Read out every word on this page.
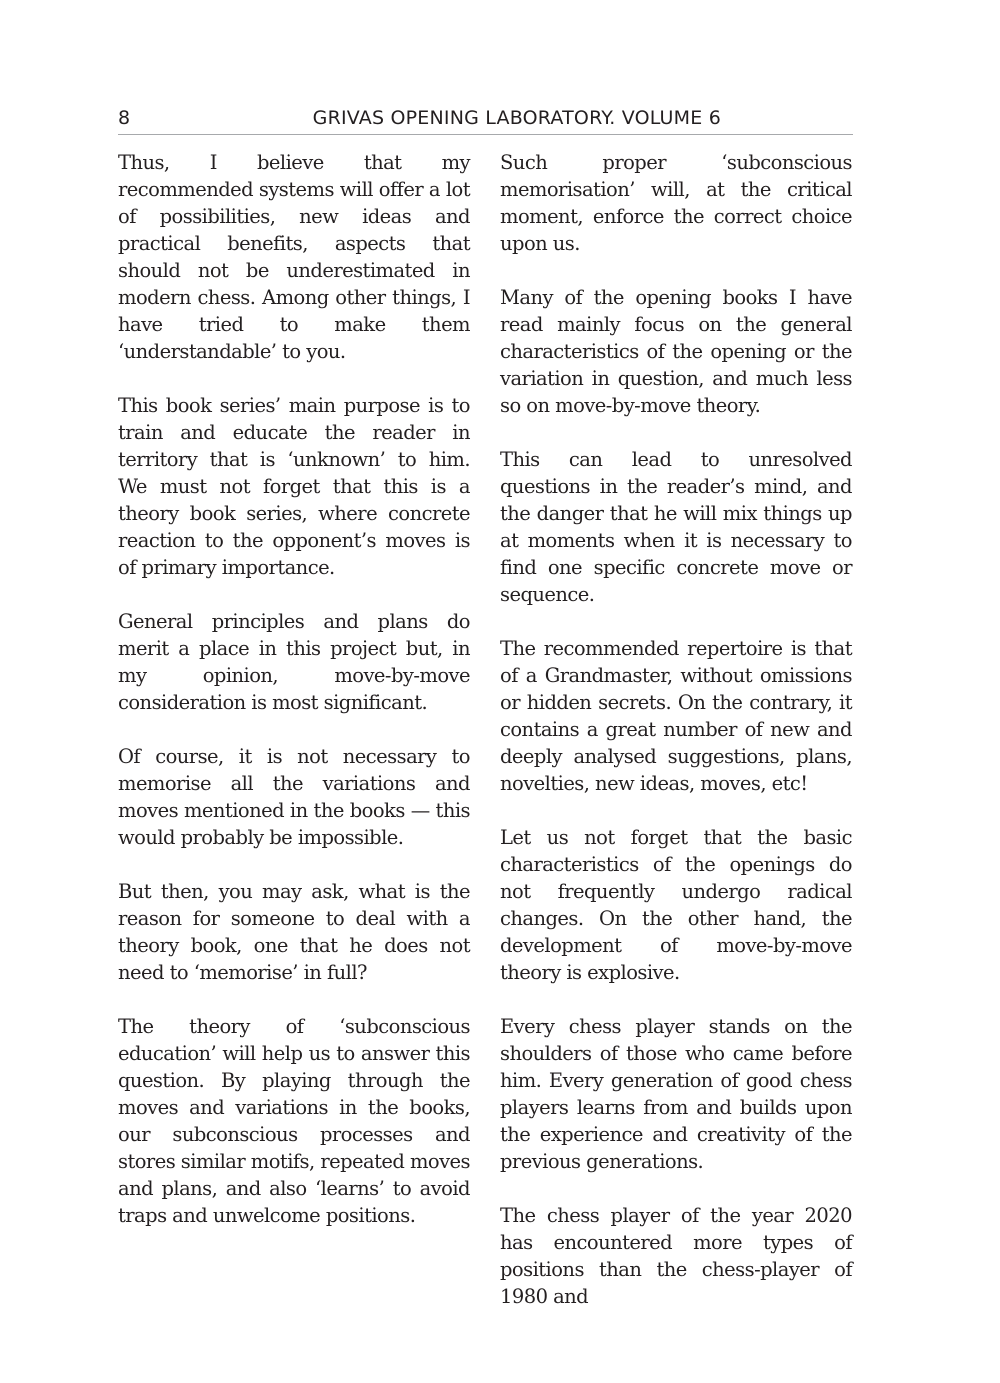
8	GRIVAS OPENING LABORATORY. VOLUME 6

Thus, I believe that my recommended systems will offer a lot of possibilities, new ideas and practical benefits, aspects that should not be underestimated in modern chess. Among other things, I have tried to make them ‘understandable’ to you.

This book series’ main purpose is to train and educate the reader in territory that is ‘unknown’ to him. We must not forget that this is a theory book series, where concrete reaction to the opponent’s moves is of primary importance.

General principles and plans do merit a place in this project but, in my opinion, move-by-move consideration is most significant.

Of course, it is not necessary to memorise all the variations and moves mentioned in the books — this would probably be impossible.

But then, you may ask, what is the reason for someone to deal with a theory book, one that he does not need to ‘memorise’ in full?

The theory of ‘subconscious education’ will help us to answer this question. By playing through the moves and variations in the books, our subconscious processes and stores similar motifs, repeated moves and plans, and also ‘learns’ to avoid traps and unwelcome positions.

Such proper ‘subconscious memorisation’ will, at the critical moment, enforce the correct choice upon us.

Many of the opening books I have read mainly focus on the general characteristics of the opening or the variation in question, and much less so on move-by-move theory.

This can lead to unresolved questions in the reader’s mind, and the danger that he will mix things up at moments when it is necessary to find one specific concrete move or sequence.

The recommended repertoire is that of a Grandmaster, without omissions or hidden secrets. On the contrary, it contains a great number of new and deeply analysed suggestions, plans, novelties, new ideas, moves, etc!

Let us not forget that the basic characteristics of the openings do not frequently undergo radical changes. On the other hand, the development of move-by-move theory is explosive.

Every chess player stands on the shoulders of those who came before him. Every generation of good chess players learns from and builds upon the experience and creativity of the previous generations.

The chess player of the year 2020 has encountered more types of positions than the chess-player of 1980 and
